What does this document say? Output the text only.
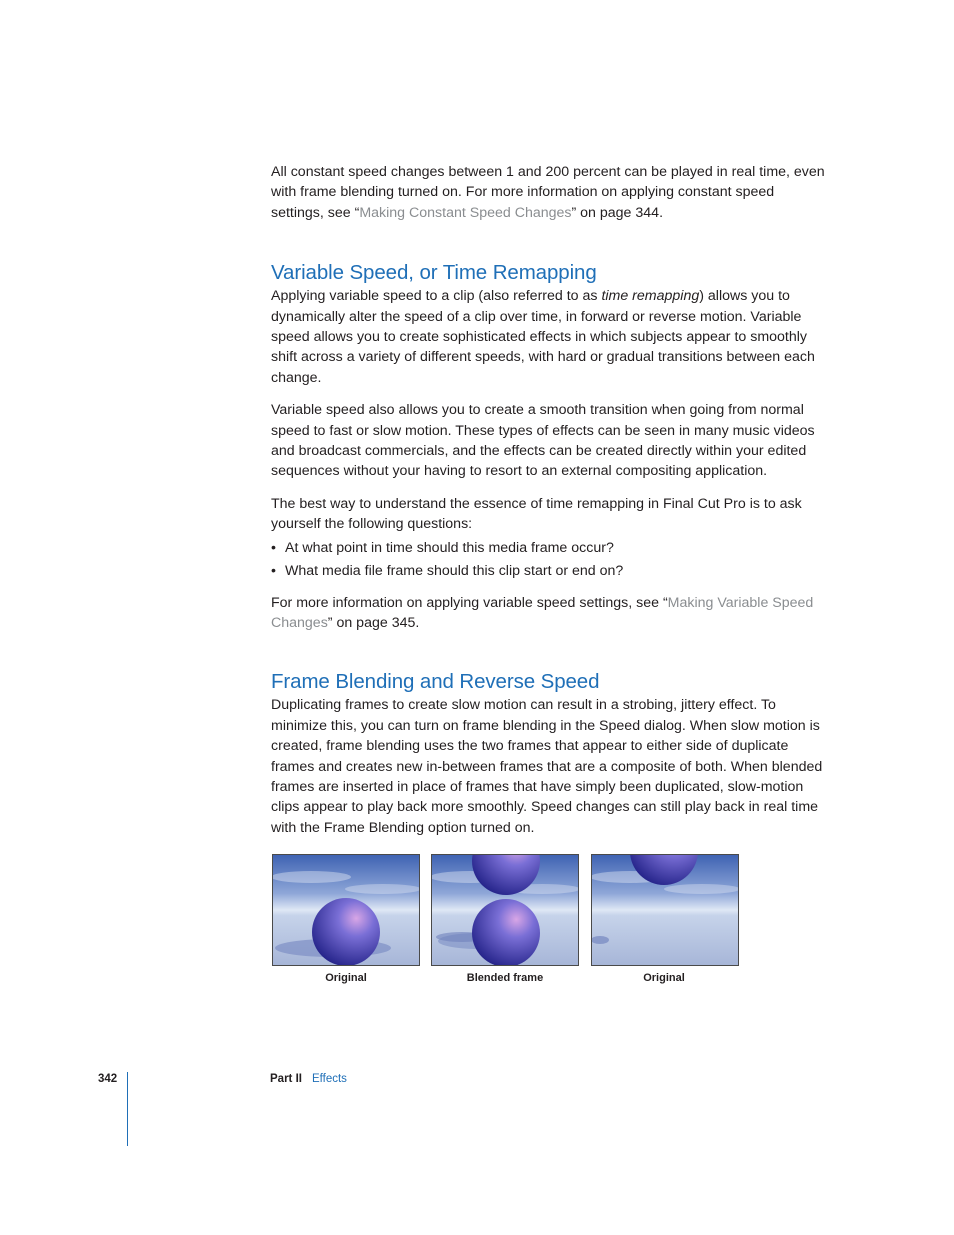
All constant speed changes between 1 and 200 percent can be played in real time, even with frame blending turned on. For more information on applying constant speed settings, see “Making Constant Speed Changes” on page 344.

Variable Speed, or Time Remapping

Applying variable speed to a clip (also referred to as time remapping) allows you to dynamically alter the speed of a clip over time, in forward or reverse motion. Variable speed allows you to create sophisticated effects in which subjects appear to smoothly shift across a variety of different speeds, with hard or gradual transitions between each change.

Variable speed also allows you to create a smooth transition when going from normal speed to fast or slow motion. These types of effects can be seen in many music videos and broadcast commercials, and the effects can be created directly within your edited sequences without your having to resort to an external compositing application.

The best way to understand the essence of time remapping in Final Cut Pro is to ask yourself the following questions:

• At what point in time should this media frame occur?
• What media file frame should this clip start or end on?

For more information on applying variable speed settings, see “Making Variable Speed Changes” on page 345.

Frame Blending and Reverse Speed

Duplicating frames to create slow motion can result in a strobing, jittery effect. To minimize this, you can turn on frame blending in the Speed dialog. When slow motion is created, frame blending uses the two frames that appear to either side of duplicate frames and creates new in-between frames that are a composite of both. When blended frames are inserted in place of frames that have simply been duplicated, slow-motion clips appear to play back more smoothly. Speed changes can still play back in real time with the Frame Blending option turned on.

Original	Blended frame	Original
342	Part II Effects
